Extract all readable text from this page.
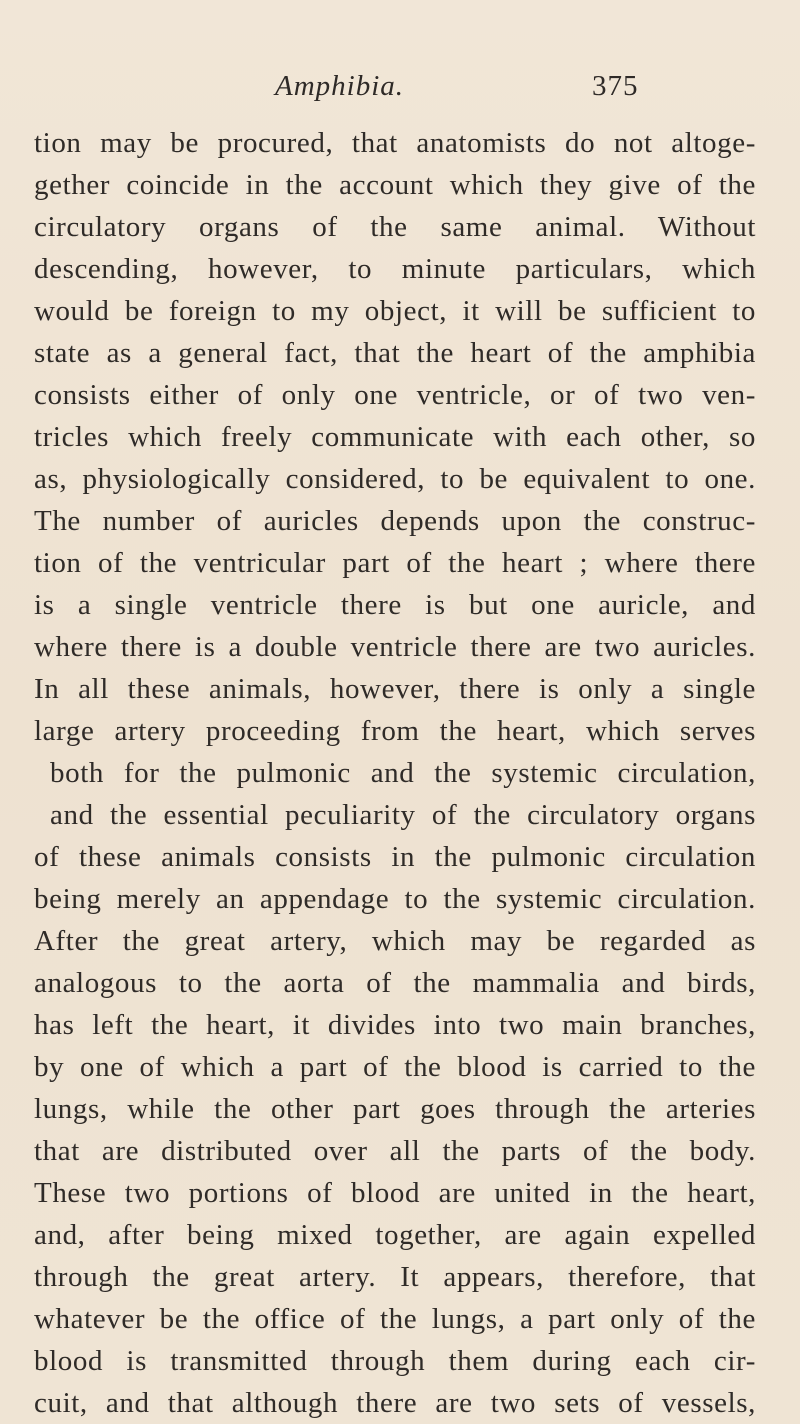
Amphibia.	375
tion may be procured, that anatomists do not altoge-
gether coincide in the account which they give of the
circulatory organs of the same animal. Without
descending, however, to minute particulars, which
would be foreign to my object, it will be sufficient to
state as a general fact, that the heart of the amphibia
consists either of only one ventricle, or of two ven-
tricles which freely communicate with each other, so
as, physiologically considered, to be equivalent to one.
The number of auricles depends upon the construc-
tion of the ventricular part of the heart ; where there
is a single ventricle there is but one auricle, and
where there is a double ventricle there are two auricles.
In all these animals, however, there is only a single
large artery proceeding from the heart, which serves
both for the pulmonic and the systemic circulation,
and the essential peculiarity of the circulatory organs
of these animals consists in the pulmonic circulation
being merely an appendage to the systemic circulation.
After the great artery, which may be regarded as
analogous to the aorta of the mammalia and birds,
has left the heart, it divides into two main branches,
by one of which a part of the blood is carried to the
lungs, while the other part goes through the arteries
that are distributed over all the parts of the body.
These two portions of blood are united in the heart,
and, after being mixed together, are again expelled
through the great artery. It appears, therefore, that
whatever be the office of the lungs, a part only of the
blood is transmitted through them during each cir-
cuit, and that although there are two sets of vessels,
